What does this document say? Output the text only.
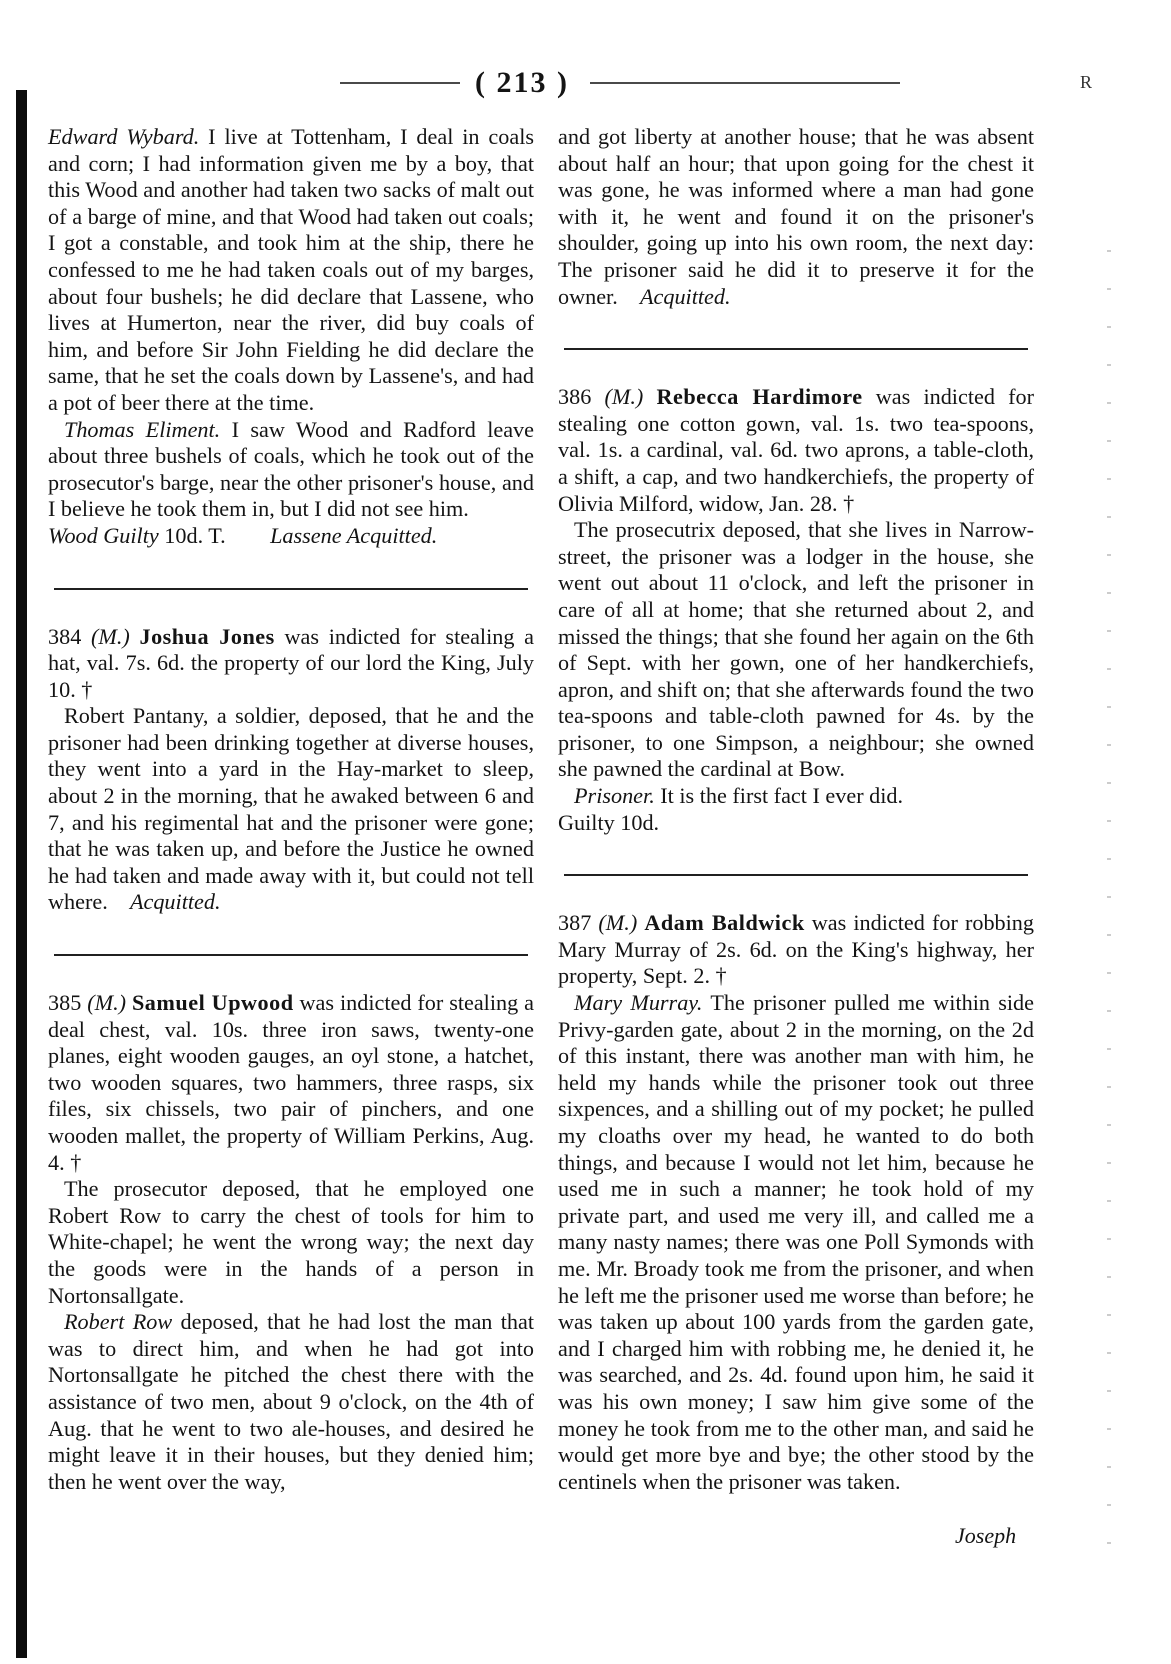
( 213 )	R

Edward Wybard. I live at Tottenham, I deal in coals and corn; I had information given me by a boy, that this Wood and another had taken two sacks of malt out of a barge of mine, and that Wood had taken out coals; I got a constable, and took him at the ship, there he confessed to me he had taken coals out of my barges, about four bushels; he did declare that Lassene, who lives at Humerton, near the river, did buy coals of him, and before Sir John Fielding he did declare the same, that he set the coals down by Lassene's, and had a pot of beer there at the time.

Thomas Eliment. I saw Wood and Radford leave about three bushels of coals, which he took out of the prosecutor's barge, near the other prisoner's house, and I believe he took them in, but I did not see him.

Wood Guilty 10d. T.   Lassene Acquitted.

384 (M.) Joshua Jones was indicted for stealing a hat, val. 7s. 6d. the property of our lord the King, July 10. †

Robert Pantany, a soldier, deposed, that he and the prisoner had been drinking together at diverse houses, they went into a yard in the Hay-market to sleep, about 2 in the morning, that he awaked between 6 and 7, and his regimental hat and the prisoner were gone; that he was taken up, and before the Justice he owned he had taken and made away with it, but could not tell where.  Acquitted.

385 (M.) Samuel Upwood was indicted for stealing a deal chest, val. 10s. three iron saws, twenty-one planes, eight wooden gauges, an oyl stone, a hatchet, two wooden squares, two hammers, three rasps, six files, six chissels, two pair of pinchers, and one wooden mallet, the property of William Perkins, Aug. 4. †

The prosecutor deposed, that he employed one Robert Row to carry the chest of tools for him to White-chapel; he went the wrong way; the next day the goods were in the hands of a person in Nortonsallgate.

Robert Row deposed, that he had lost the man that was to direct him, and when he had got into Nortonsallgate he pitched the chest there with the assistance of two men, about 9 o'clock, on the 4th of Aug. that he went to two ale-houses, and desired he might leave it in their houses, but they denied him; then he went over the way,

and got liberty at another house; that he was absent about half an hour; that upon going for the chest it was gone, he was informed where a man had gone with it, he went and found it on the prisoner's shoulder, going up into his own room, the next day: The prisoner said he did it to preserve it for the owner.  Acquitted.

386 (M.) Rebecca Hardimore was indicted for stealing one cotton gown, val. 1s. two tea-spoons, val. 1s. a cardinal, val. 6d. two aprons, a table-cloth, a shift, a cap, and two handkerchiefs, the property of Olivia Milford, widow, Jan. 28. †

The prosecutrix deposed, that she lives in Narrow-street, the prisoner was a lodger in the house, she went out about 11 o'clock, and left the prisoner in care of all at home; that she returned about 2, and missed the things; that she found her again on the 6th of Sept. with her gown, one of her handkerchiefs, apron, and shift on; that she afterwards found the two tea-spoons and table-cloth pawned for 4s. by the prisoner, to one Simpson, a neighbour; she owned she pawned the cardinal at Bow.

Prisoner. It is the first fact I ever did.

Guilty 10d.

387 (M.) Adam Baldwick was indicted for robbing Mary Murray of 2s. 6d. on the King's highway, her property, Sept. 2. †

Mary Murray. The prisoner pulled me within side Privy-garden gate, about 2 in the morning, on the 2d of this instant, there was another man with him, he held my hands while the prisoner took out three sixpences, and a shilling out of my pocket; he pulled my cloaths over my head, he wanted to do both things, and because I would not let him, because he used me in such a manner; he took hold of my private part, and used me very ill, and called me a many nasty names; there was one Poll Symonds with me. Mr. Broady took me from the prisoner, and when he left me the prisoner used me worse than before; he was taken up about 100 yards from the garden gate, and I charged him with robbing me, he denied it, he was searched, and 2s. 4d. found upon him, he said it was his own money; I saw him give some of the money he took from me to the other man, and said he would get more bye and bye; the other stood by the centinels when the prisoner was taken.

Joseph
